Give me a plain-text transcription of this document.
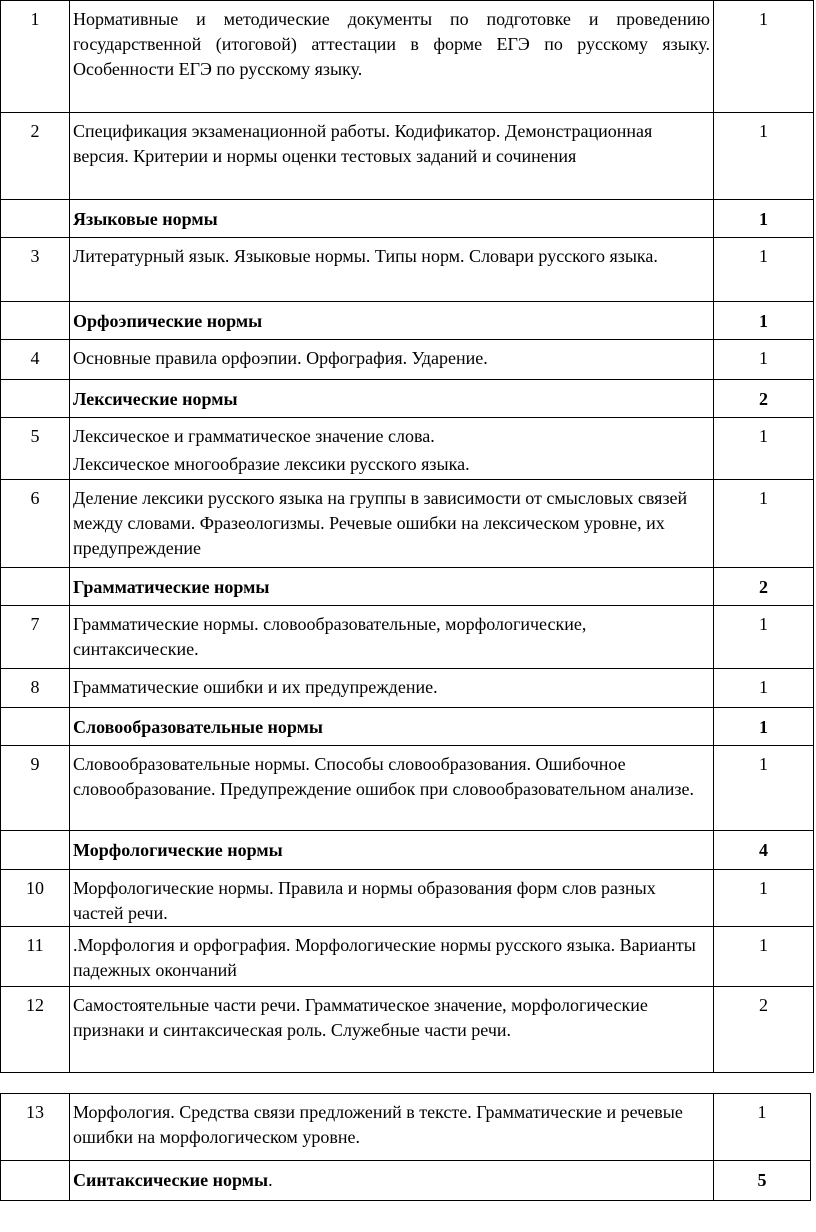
1	Нормативные и методические документы по подготовке и проведению государственной (итоговой) аттестации в форме ЕГЭ по русскому языку. Особенности ЕГЭ по русскому языку.	1
2	Спецификация экзаменационной работы. Кодификатор. Демонстрационная версия. Критерии и нормы оценки тестовых заданий и сочинения	1
	Языковые нормы	1
3	Литературный язык. Языковые нормы. Типы норм. Словари русского языка.	1
	Орфоэпические нормы	1
4	Основные правила орфоэпии. Орфография. Ударение.	1
	Лексические нормы	2
5	Лексическое и грамматическое значение слова.
Лексическое многообразие лексики русского языка.	1
6	Деление лексики русского языка на группы в зависимости от смысловых связей между словами. Фразеологизмы. Речевые ошибки на лексическом уровне, их предупреждение	1
	Грамматические нормы	2
7	Грамматические нормы. словообразовательные, морфологические, синтаксические.	1
8	Грамматические ошибки и их предупреждение.	1
	Словообразовательные нормы	1
9	Словообразовательные нормы. Способы словообразования. Ошибочное словообразование. Предупреждение ошибок при словообразовательном анализе.	1
	Морфологические нормы	4
10	Морфологические нормы. Правила и нормы образования форм слов разных частей речи.	1
11	.Морфология и орфография. Морфологические нормы русского языка. Варианты падежных окончаний	1
12	Самостоятельные части речи. Грамматическое значение, морфологические признаки и синтаксическая роль. Служебные части речи.	2
13	Морфология. Средства связи предложений в тексте. Грамматические и речевые ошибки на морфологическом уровне.	1
	Синтаксические нормы.	5
